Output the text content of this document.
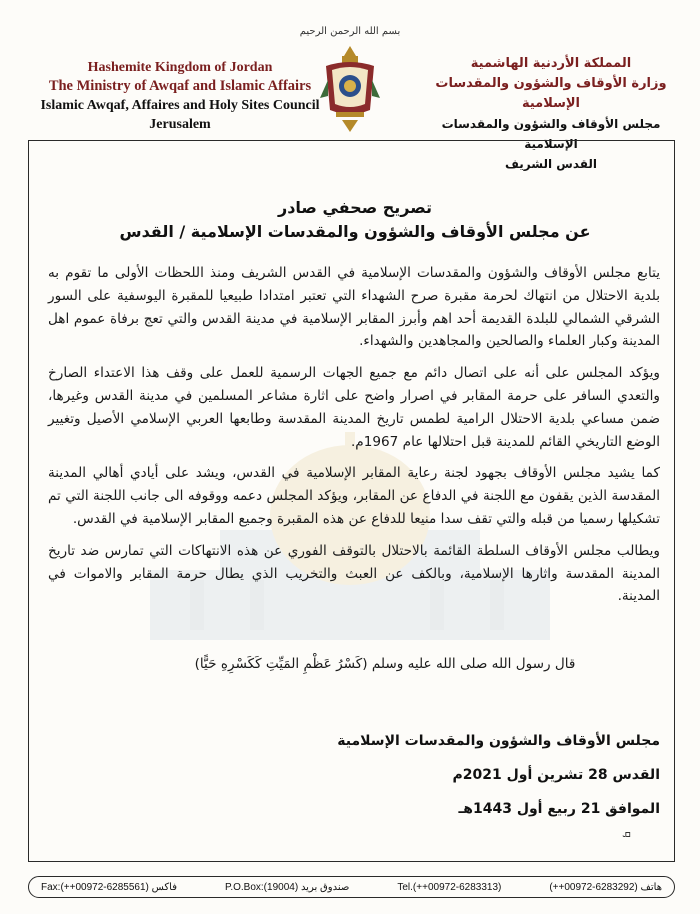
Hashemite Kingdom of Jordan
The Ministry of Awqaf and Islamic Affairs
Islamic Awqaf, Affaires and Holy Sites Council
Jerusalem
بسم الله الرحمن الرحيم
المملكة الأردنية الهاشمية
وزارة الأوقاف والشؤون والمقدسات الإسلامية
مجلس الأوقاف والشؤون والمقدسات الإسلامية
القدس الشريف
تصريح صحفي صادر
عن مجلس الأوقاف والشؤون والمقدسات الإسلامية / القدس

يتابع مجلس الأوقاف والشؤون والمقدسات الإسلامية في القدس الشريف ومنذ اللحظات الأولى ما تقوم به بلدية الاحتلال من انتهاك لحرمة مقبرة صرح الشهداء التي تعتبر امتدادا طبيعيا للمقبرة اليوسفية على السور الشرقي الشمالي للبلدة القديمة أحد اهم وأبرز المقابر الإسلامية في مدينة القدس والتي تعج برفاة عموم اهل المدينة وكبار العلماء والصالحين والمجاهدين والشهداء.

ويؤكد المجلس على أنه على اتصال دائم مع جميع الجهات الرسمية للعمل على وقف هذا الاعتداء الصارخ والتعدي السافر على حرمة المقابر في اصرار واضح على اثارة مشاعر المسلمين في مدينة القدس وغيرها، ضمن مساعي بلدية الاحتلال الرامية لطمس تاريخ المدينة المقدسة وطابعها العربي الإسلامي الأصيل وتغيير الوضع التاريخي القائم للمدينة قبل احتلالها عام 1967م.

كما يشيد مجلس الأوقاف بجهود لجنة رعاية المقابر الإسلامية في القدس، ويشد على أيادي أهالي المدينة المقدسة الذين يقفون مع اللجنة في الدفاع عن المقابر، ويؤكد المجلس دعمه ووقوفه الى جانب اللجنة التي تم تشكيلها رسميا من قبله والتي تقف سدا منيعا للدفاع عن هذه المقبرة وجميع المقابر الإسلامية في القدس.

ويطالب مجلس الأوقاف السلطة القائمة بالاحتلال بالتوقف الفوري عن هذه الانتهاكات التي تمارس ضد تاريخ المدينة المقدسة واثارها الإسلامية، وبالكف عن العبث والتخريب الذي يطال حرمة المقابر والاموات في المدينة.

قال رسول الله صلى الله عليه وسلم (كَسْرُ عَظْمِ المَيِّتِ كَكَسْرِهِ حَيًّا)
مجلس الأوقاف والشؤون والمقدسات الإسلامية
القدس 28 تشرين أول 2021م
الموافق 21 ربيع أول 1443هـ
ܩ
Fax:(++00972-6285561) فاكس	P.O.Box:(19004) صندوق بريد	Tel.(++00972-6283313)	(++00972-6283292) هاتف
